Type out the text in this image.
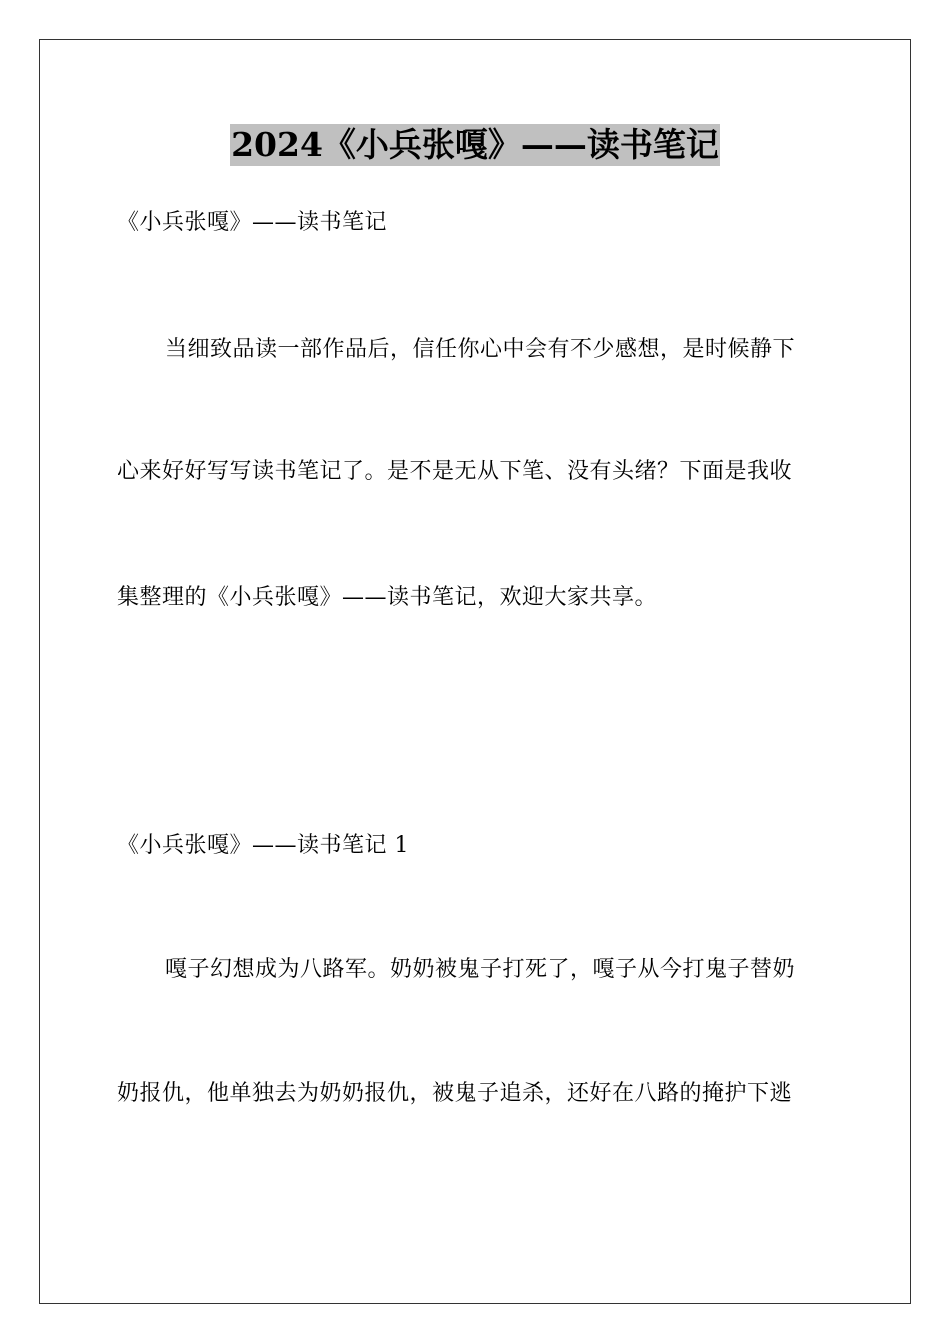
2024《小兵张嘎》——读书笔记
《小兵张嘎》——读书笔记
当细致品读一部作品后，信任你心中会有不少感想，是时候静下
心来好好写写读书笔记了。是不是无从下笔、没有头绪？下面是我收
集整理的《小兵张嘎》——读书笔记，欢迎大家共享。
《小兵张嘎》——读书笔记 1
嘎子幻想成为八路军。奶奶被鬼子打死了，嘎子从今打鬼子替奶
奶报仇，他单独去为奶奶报仇，被鬼子追杀，还好在八路的掩护下逃
